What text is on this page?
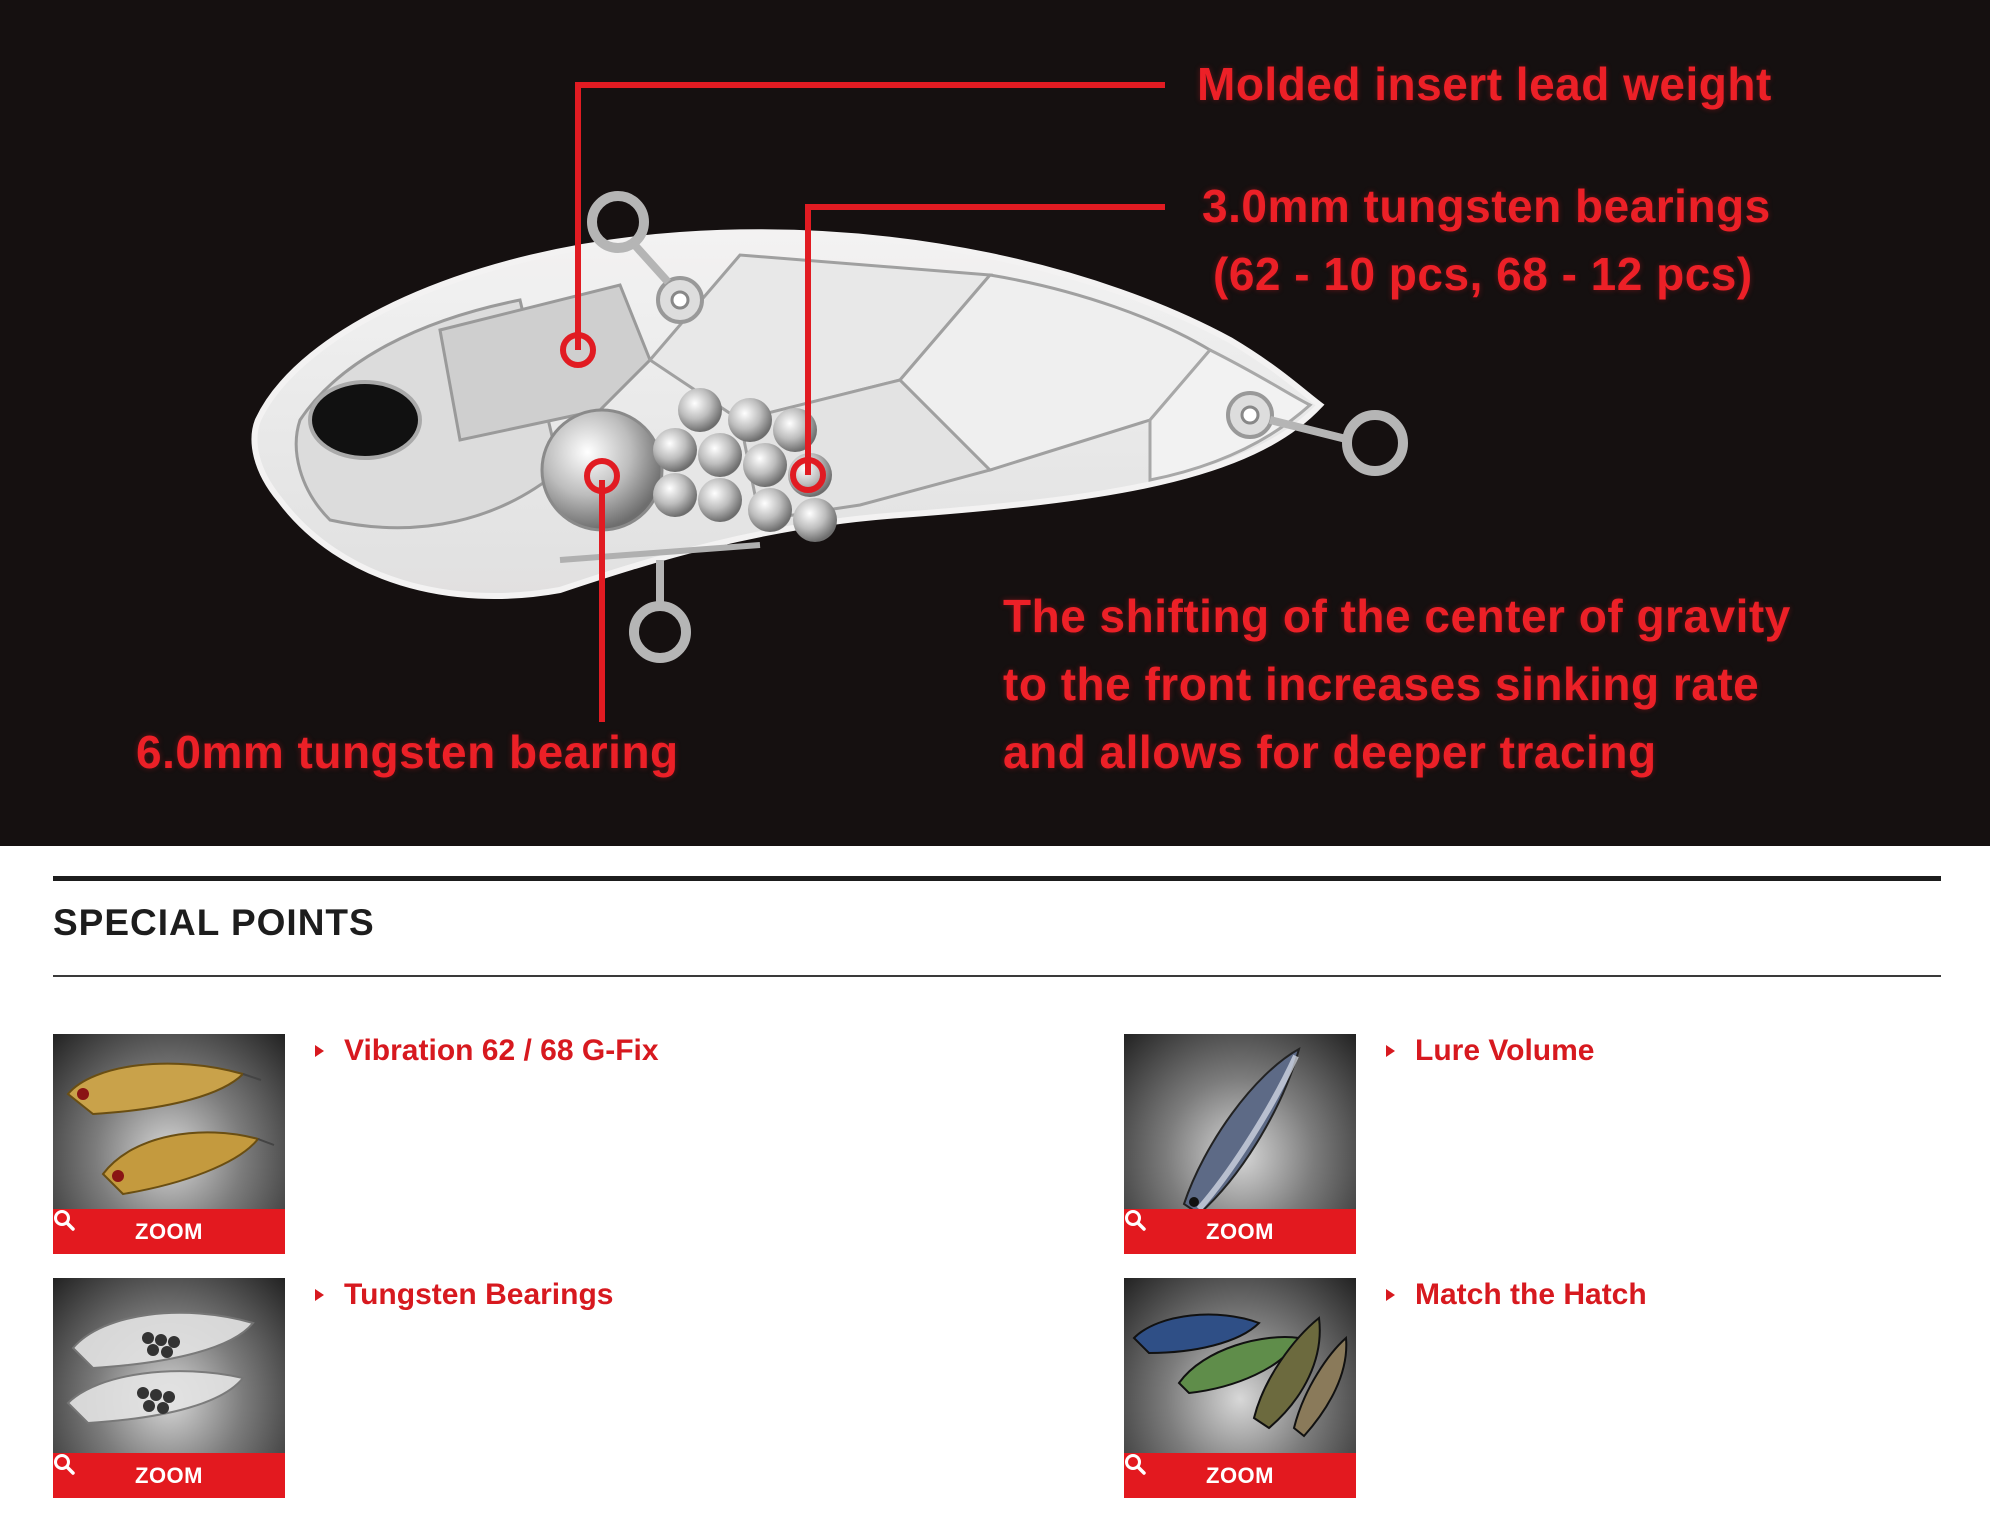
Molded insert lead weight
3.0mm tungsten bearings
(62 - 10 pcs, 68 - 12 pcs)
The shifting of the center of gravity
to the front increases sinking rate
and allows for deeper tracing
6.0mm tungsten bearing
SPECIAL POINTS
ZOOM
Vibration 62 / 68 G-Fix
ZOOM
Lure Volume
ZOOM
Tungsten Bearings
ZOOM
Match the Hatch
